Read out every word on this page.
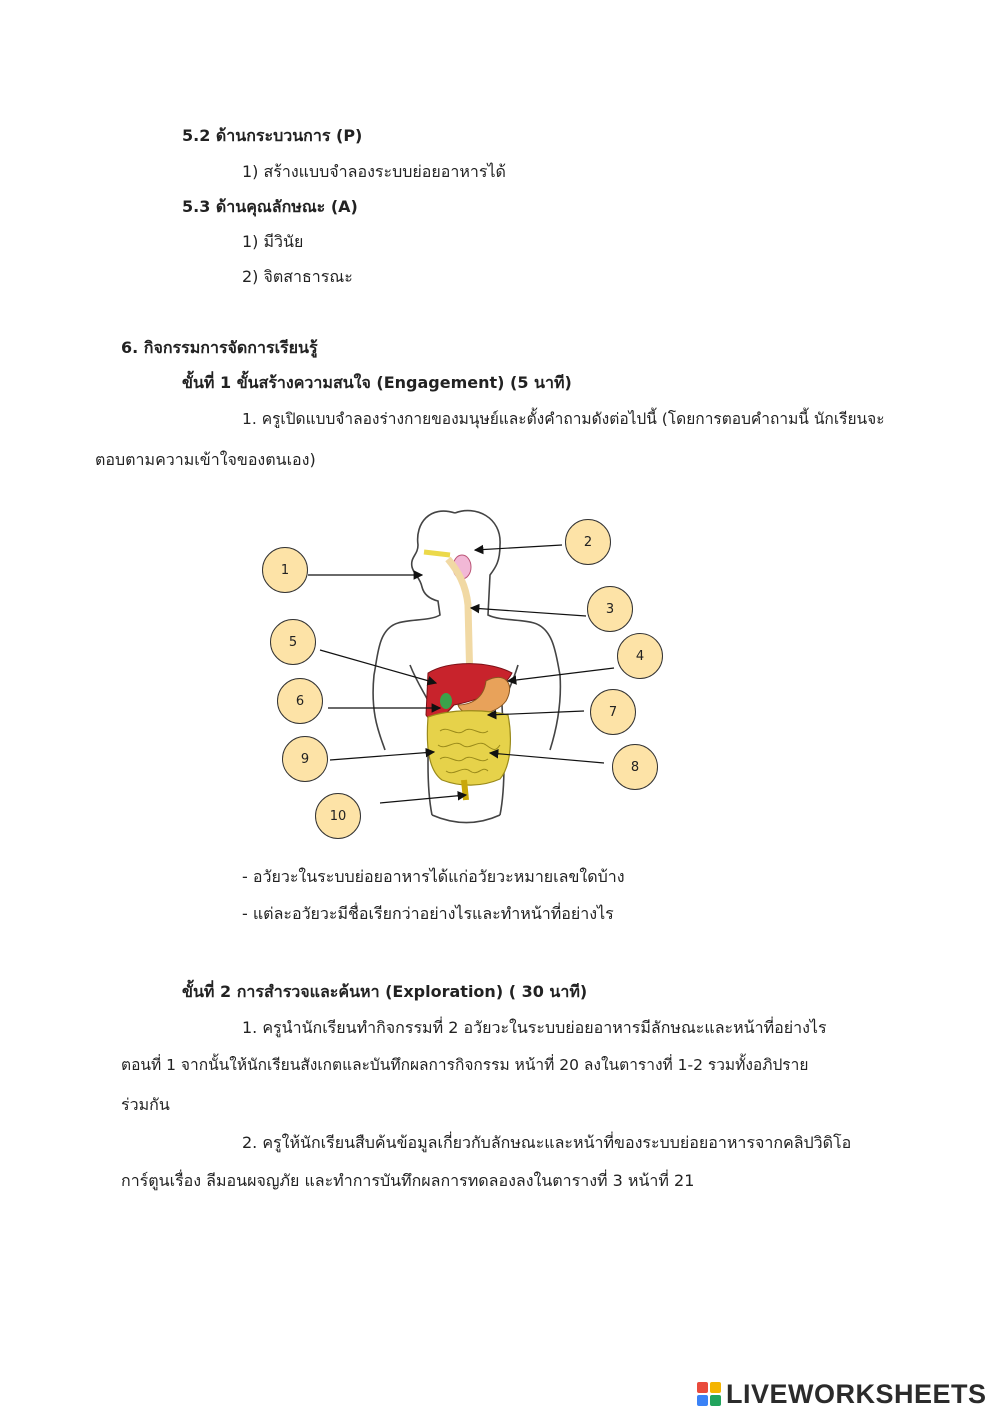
5.2 ด้านกระบวนการ (P)
1) สร้างแบบจำลองระบบย่อยอาหารได้
5.3 ด้านคุณลักษณะ (A)
1) มีวินัย
2) จิตสาธารณะ
6. กิจกรรมการจัดการเรียนรู้
ขั้นที่ 1 ขั้นสร้างความสนใจ (Engagement) (5 นาที)
1. ครูเปิดแบบจำลองร่างกายของมนุษย์และตั้งคำถามดังต่อไปนี้ (โดยการตอบคำถามนี้ นักเรียนจะ
ตอบตามความเข้าใจของตนเอง)
1
2
3
4
5
6
7
8
9
10
- อวัยวะในระบบย่อยอาหารได้แก่อวัยวะหมายเลขใดบ้าง
- แต่ละอวัยวะมีชื่อเรียกว่าอย่างไรและทำหน้าที่อย่างไร
ขั้นที่ 2 การสำรวจและค้นหา (Exploration) ( 30 นาที)
1. ครูนำนักเรียนทำกิจกรรมที่ 2 อวัยวะในระบบย่อยอาหารมีลักษณะและหน้าที่อย่างไร
ตอนที่ 1 จากนั้นให้นักเรียนสังเกตและบันทึกผลการกิจกรรม หน้าที่ 20 ลงในตารางที่ 1-2 รวมทั้งอภิปราย
ร่วมกัน
2. ครูให้นักเรียนสืบค้นข้อมูลเกี่ยวกับลักษณะและหน้าที่ของระบบย่อยอาหารจากคลิปวิดิโอ
การ์ตูนเรื่อง ลีมอนผจญภัย และทำการบันทึกผลการทดลองลงในตารางที่ 3 หน้าที่ 21
LIVEWORKSHEETS
